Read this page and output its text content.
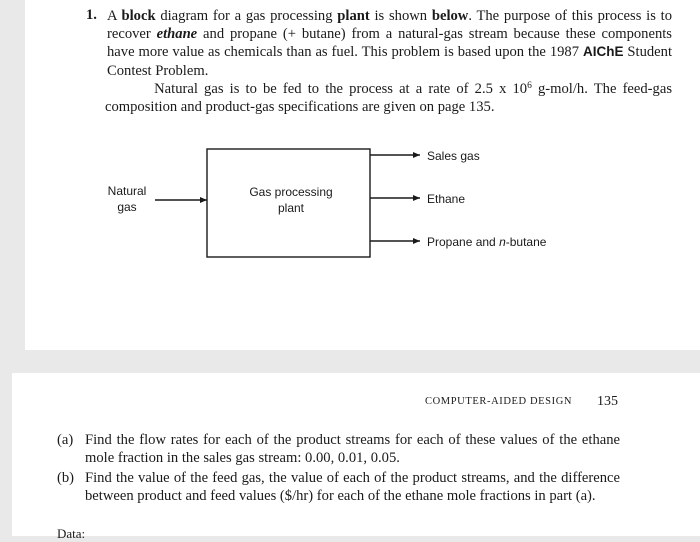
1. A block diagram for a gas processing plant is shown below. The purpose of this process is to recover ethane and propane (+ butane) from a natural-gas stream because these components have more value as chemicals than as fuel. This problem is based upon the 1987 AIChE Student Contest Problem.
Natural gas is to be fed to the process at a rate of 2.5 x $10^6$ g-mol/h. The feed-gas composition and product-gas specifications are given on page 135.
Natural
gas
Gas processing
plant
Sales gas
Ethane
Propane and n-butane
COMPUTER-AIDED DESIGN 135
(a) Find the flow rates for each of the product streams for each of these values of the ethane mole fraction in the sales gas stream: 0.00, 0.01, 0.05.
(b) Find the value of the feed gas, the value of each of the product streams, and the difference between product and feed values ($/hr) for each of the ethane mole fractions in part (a).
Data:
